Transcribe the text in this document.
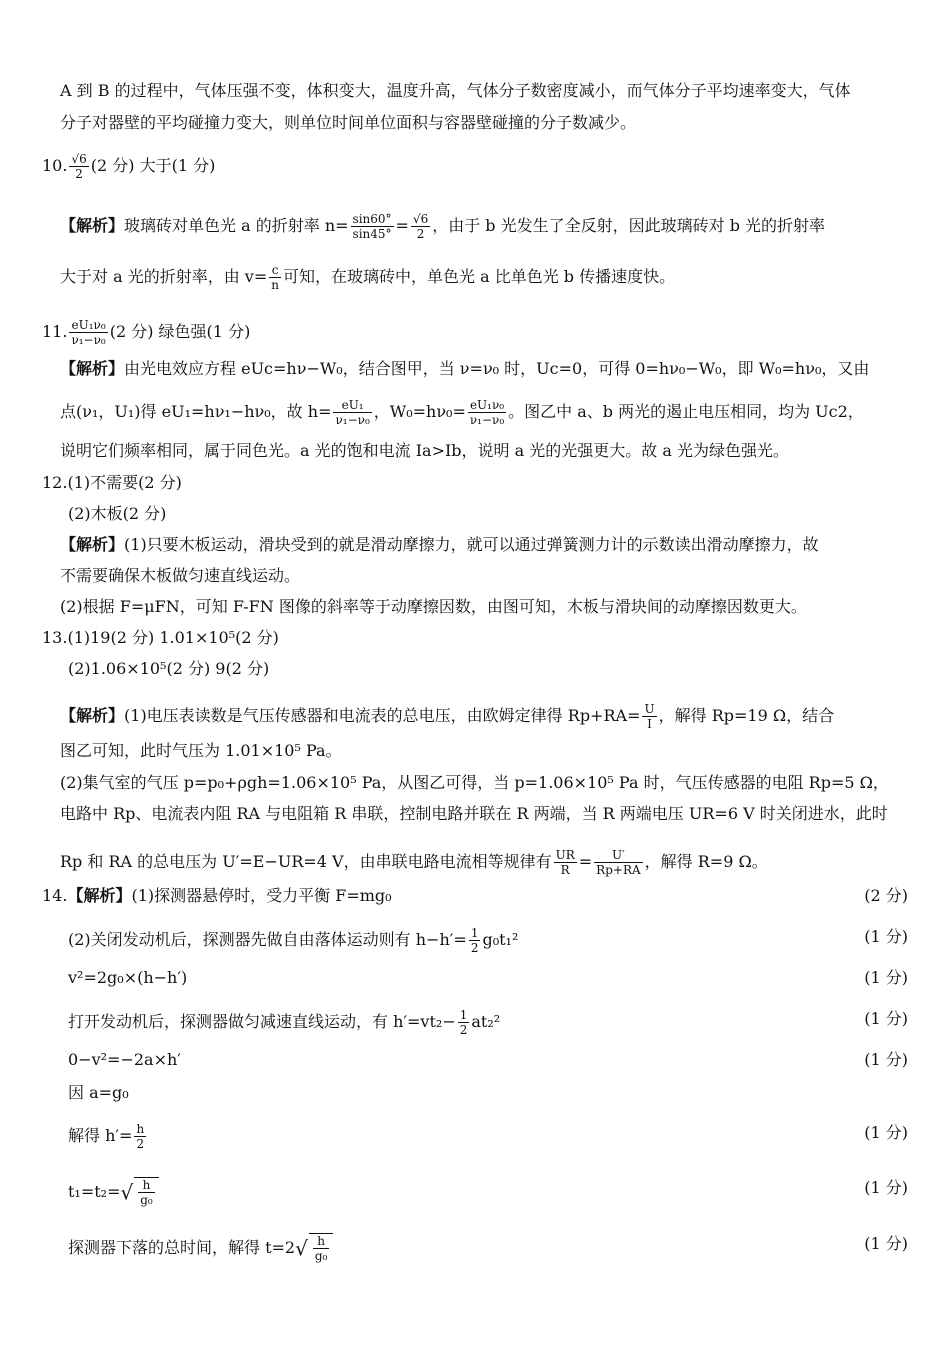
A 到 B 的过程中，气体压强不变，体积变大，温度升高，气体分子数密度减小，而气体分子平均速率变大，气体
分子对器壁的平均碰撞力变大，则单位时间单位面积与容器壁碰撞的分子数减少。
10. $\frac{√6}{2} (2$ 分) 大于(1 分)
【解析】玻璃砖对单色光 a 的折射率 $n= \frac{\sin 60^\circ}{\sin 45^\circ} = \frac{√6}{2}$ ，由于 b 光发生了全反射，因此玻璃砖对 b 光的折射率
大于对 a 光的折射率，由 $v= \frac{c}{n}$ 可知，在玻璃砖中，单色光 a 比单色光 b 传播速度快。
11. $\frac{\text{eU₁ν₀}}{\text{ν₁−ν₀}} (2$ 分) 绿色强(1 分)
【解析】由光电效应方程 eUc=hν−W₀，结合图甲，当 ν=ν₀ 时，Uc=0，可得 0=hν₀−W₀，即 W₀=hν₀，又由
点(ν₁，U₁)得 eU₁=hν₁−hν₀，故 $h= \frac{\text{eU₁}}{\text{ν₁−ν₀}}$ ，$W_0=h\nu_0= \frac{\text{eU₁ν₀}}{\text{ν₁−ν₀}}$ 。图乙中 a、b 两光的遏止电压相同，均为 Uc2，
说明它们频率相同，属于同色光。a 光的饱和电流 Ia>Ib，说明 a 光的光强更大。故 a 光为绿色强光。
12.(1)不需要(2 分)
(2)木板(2 分)
【解析】(1)只要木板运动，滑块受到的就是滑动摩擦力，就可以通过弹簧测力计的示数读出滑动摩擦力，故
不需要确保木板做匀速直线运动。
(2)根据 F=μFN，可知 F-FN 图像的斜率等于动摩擦因数，由图可知，木板与滑块间的动摩擦因数更大。
13.(1)19(2 分) 1.01×10⁵(2 分)
(2)1.06×10⁵(2 分) 9(2 分)
【解析】(1)电压表读数是气压传感器和电流表的总电压，由欧姆定律得 $Rp+RA= \frac{U}{I}$ ，解得 Rp=19 Ω，结合
图乙可知，此时气压为 1.01×10⁵ Pa。
(2)集气室的气压 p=p₀+ρgh=1.06×10⁵ Pa，从图乙可得，当 p=1.06×10⁵ Pa 时，气压传感器的电阻 Rp=5 Ω，
电路中 Rp、电流表内阻 RA 与电阻箱 R 串联，控制电路并联在 R 两端，当 R 两端电压 UR=6 V 时关闭进水，此时
Rp 和 RA 的总电压为 U′=E−UR=4 V，由串联电路电流相等规律有 $\frac{UR}{R} = \frac{U'}{Rp+RA}$ ，解得 R=9 Ω。
14.【解析】(1)探测器悬停时，受力平衡 F=mg₀	(2 分)
(2)关闭发动机后，探测器先做自由落体运动则有 $h-h'= \frac{1}{2} g_0t_1^2$	(1 分)
v²=2g₀×(h−h′)	(1 分)
打开发动机后，探测器做匀减速直线运动，有 $h'=vt_2- \frac{1}{2} at_2^2$	(1 分)
0−v²=−2a×h′	(1 分)
因 a=g₀
解得 $h'= \frac{h}{2}$	(1 分)
$t_1=t_2=√ \frac{h}{\text{g₀}}$	(1 分)
探测器下落的总时间，解得 $t=2√ \frac{h}{\text{g₀}}$	(1 分)
